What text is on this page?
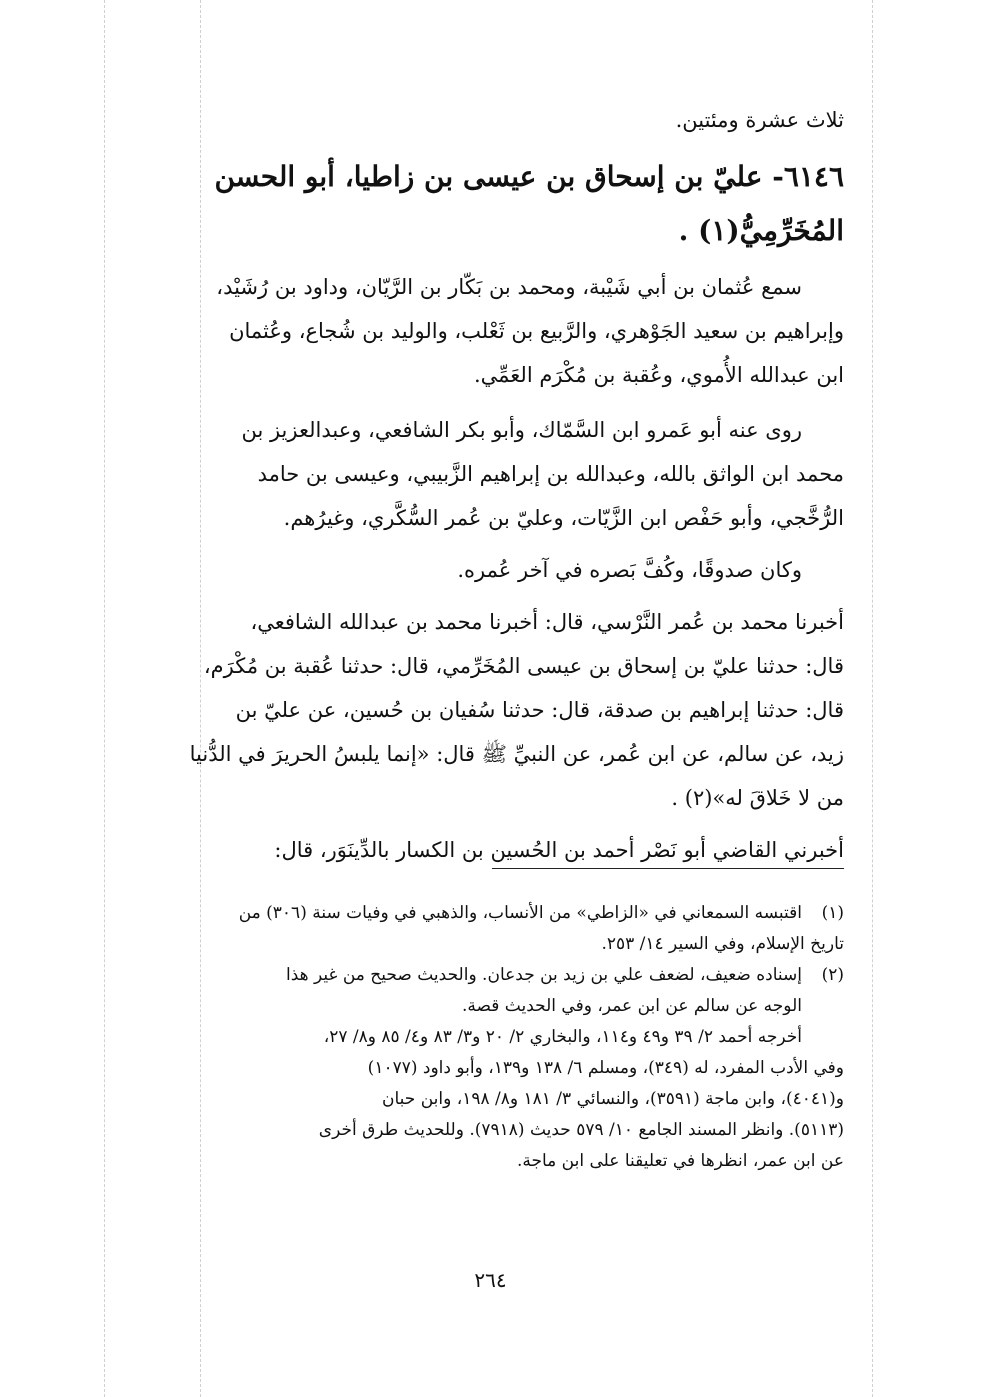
ثلاث عشرة ومئتين.
٦١٤٦- عليّ بن إسحاق بن عيسى بن زاطيا، أبو الحسن
المُخَرِّمِيُّ(١) .
سمع عُثمان بن أبي شَيْبة، ومحمد بن بَكّار بن الرَّيّان، وداود بن رُشَيْد،
وإبراهيم بن سعيد الجَوْهري، والرَّبيع بن ثَعْلب، والوليد بن شُجاع، وعُثمان
ابن عبدالله الأُموي، وعُقبة بن مُكْرَم العَمِّي.
روى عنه أبو عَمرو ابن السَّمّاك، وأبو بكر الشافعي، وعبدالعزيز بن
محمد ابن الواثق بالله، وعبدالله بن إبراهيم الزَّبيبي، وعيسى بن حامد
الرُّخَّجي، وأبو حَفْص ابن الزَّيّات، وعليّ بن عُمر السُّكَّري، وغيرُهم.
وكان صدوقًا، وكُفَّ بَصره في آخر عُمره.
أخبرنا محمد بن عُمر النَّرْسي، قال: أخبرنا محمد بن عبدالله الشافعي،
قال: حدثنا عليّ بن إسحاق بن عيسى المُخَرِّمي، قال: حدثنا عُقبة بن مُكْرَم،
قال: حدثنا إبراهيم بن صدقة، قال: حدثنا سُفيان بن حُسين، عن عليّ بن
زيد، عن سالم، عن ابن عُمر، عن النبيِّ ﷺ قال: «إنما يلبسُ الحريرَ في الدُّنيا
من لا خَلاقَ له»(٢) .
أخبرني القاضي أبو نَصْر أحمد بن الحُسين بن الكسار بالدِّينَوَر، قال:
(١)اقتبسه السمعاني في «الزاطي» من الأنساب، والذهبي في وفيات سنة (٣٠٦) من
تاريخ الإسلام، وفي السير ١٤/ ٢٥٣.
(٢)إسناده ضعيف، لضعف علي بن زيد بن جدعان. والحديث صحيح من غير هذا
الوجه عن سالم عن ابن عمر، وفي الحديث قصة.
أخرجه أحمد ٢/ ٣٩ و٤٩ و١١٤، والبخاري ٢/ ٢٠ و٣/ ٨٣ و٤/ ٨٥ و٨/ ٢٧،
وفي الأدب المفرد، له (٣٤٩)، ومسلم ٦/ ١٣٨ و١٣٩، وأبو داود (١٠٧٧)
و(٤٠٤١)، وابن ماجة (٣٥٩١)، والنسائي ٣/ ١٨١ و٨/ ١٩٨، وابن حبان
(٥١١٣). وانظر المسند الجامع ١٠/ ٥٧٩ حديث (٧٩١٨). وللحديث طرق أخرى
عن ابن عمر، انظرها في تعليقنا على ابن ماجة.
٢٦٤
